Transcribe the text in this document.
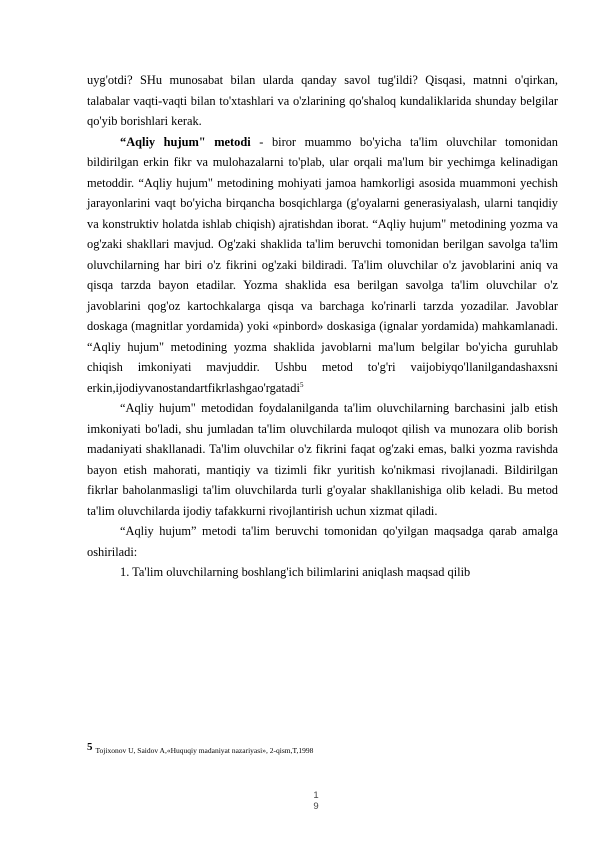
uyg'otdi? SHu munosabat bilan ularda qanday savol tug'ildi? Qisqasi, matnni o'qirkan, talabalar vaqti-vaqti bilan to'xtashlari va o'zlarining qo'shaloq kundaliklarida shunday belgilar qo'yib borishlari kerak.

“Aqliy hujum" metodi - biror muammo bo'yicha ta'lim oluvchilar tomonidan bildirilgan erkin fikr va mulohazalarni to'plab, ular orqali ma'lum bir yechimga kelinadigan metoddir. “Aqliy hujum" metodining mohiyati jamoa hamkorligi asosida muammoni yechish jarayonlarini vaqt bo'yicha birqancha bosqichlarga (g'oyalarni generasiyalash, ularni tanqidiy va konstruktiv holatda ishlab chiqish) ajratishdan iborat. “Aqliy hujum" metodining yozma va og'zaki shakllari mavjud. Og'zaki shaklida ta'lim beruvchi tomonidan berilgan savolga ta'lim oluvchilarning har biri o'z fikrini og'zaki bildiradi. Ta'lim oluvchilar o'z javoblarini aniq va qisqa tarzda bayon etadilar. Yozma shaklida esa berilgan savolga ta'lim oluvchilar o'z javoblarini qog'oz kartochkalarga qisqa va barchaga ko'rinarli tarzda yozadilar. Javoblar doskaga (magnitlar yordamida) yoki «pinbord» doskasiga (ignalar yordamida) mahkamlanadi. “Aqliy hujum" metodining yozma shaklida javoblarni ma'lum belgilar bo'yicha guruhlab chiqish imkoniyati mavjuddir. Ushbu metod to'g'ri vaijobiyqo'llanilgandashaxsni erkin,ijodiyvanostandartfikrlashgao'rgatadi$^5$

“Aqliy hujum" metodidan foydalanilganda ta'lim oluvchilarning barchasini jalb etish imkoniyati bo'ladi, shu jumladan ta'lim oluvchilarda muloqot qilish va munozara olib borish madaniyati shakllanadi. Ta'lim oluvchilar o'z fikrini faqat og'zaki emas, balki yozma ravishda bayon etish mahorati, mantiqiy va tizimli fikr yuritish ko'nikmasi rivojlanadi. Bildirilgan fikrlar baholanmasligi ta'lim oluvchilarda turli g'oyalar shakllanishiga olib keladi. Bu metod ta'lim oluvchilarda ijodiy tafakkurni rivojlantirish uchun xizmat qiladi.

“Aqliy hujum” metodi ta'lim beruvchi tomonidan qo'yilgan maqsadga qarab amalga oshiriladi:

1. Ta'lim oluvchilarning boshlang'ich bilimlarini aniqlash maqsad qilib

5 Tojixonov U, Saidov A,«Huquqiy madaniyat nazariyasi», 2-qism,T,1998
1
9
